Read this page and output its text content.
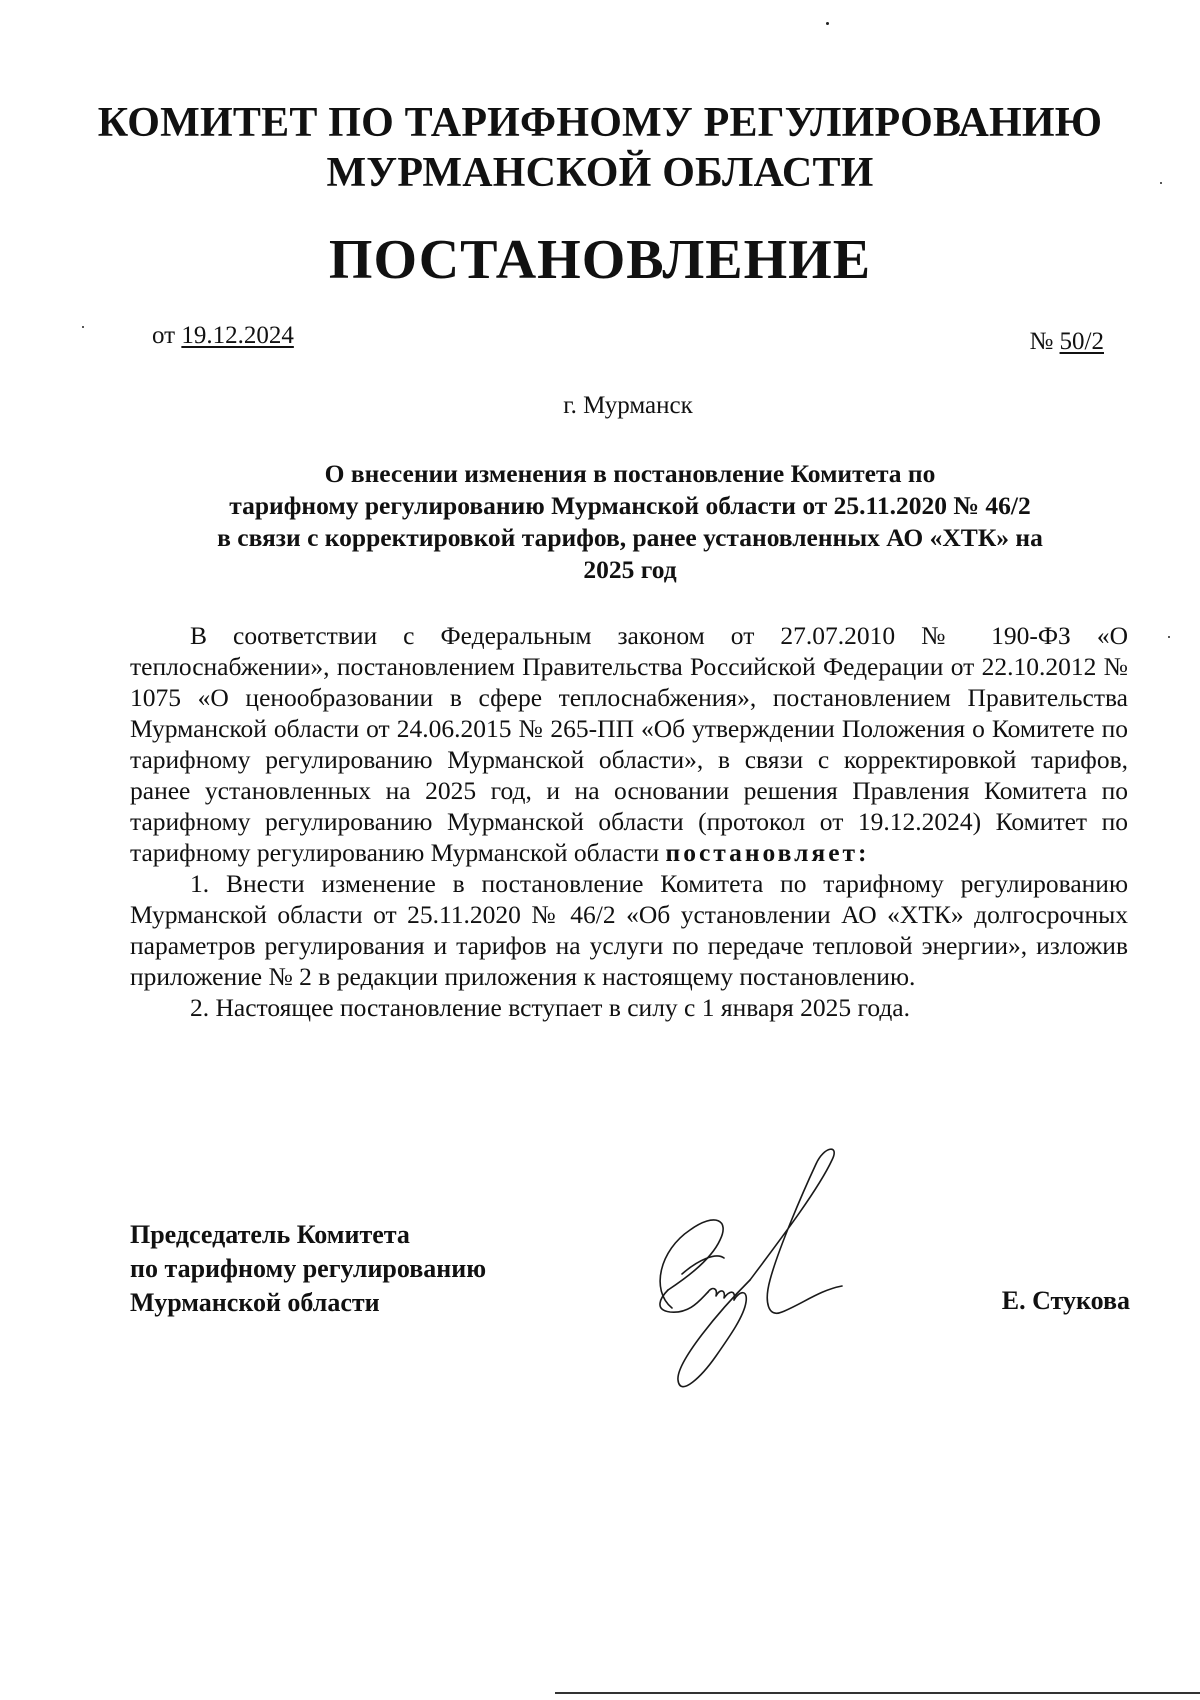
КОМИТЕТ ПО ТАРИФНОМУ РЕГУЛИРОВАНИЮ
МУРМАНСКОЙ ОБЛАСТИ
ПОСТАНОВЛЕНИЕ
от 19.12.2024	№ 50/2
г. Мурманск
О внесении изменения в постановление Комитета по
тарифному регулированию Мурманской области от 25.11.2020 № 46/2
в связи с корректировкой тарифов, ранее установленных АО «ХТК» на
2025 год

В соответствии с Федеральным законом от 27.07.2010 № 190-ФЗ «О теплоснабжении», постановлением Правительства Российской Федерации от 22.10.2012 № 1075 «О ценообразовании в сфере теплоснабжения», постановлением Правительства Мурманской области от 24.06.2015 № 265-ПП «Об утверждении Положения о Комитете по тарифному регулированию Мурманской области», в связи с корректировкой тарифов, ранее установленных на 2025 год, и на основании решения Правления Комитета по тарифному регулированию Мурманской области (протокол от 19.12.2024) Комитет по тарифному регулированию Мурманской области постановляет:

1. Внести изменение в постановление Комитета по тарифному регулированию Мурманской области от 25.11.2020 № 46/2 «Об установлении АО «ХТК» долгосрочных параметров регулирования и тарифов на услуги по передаче тепловой энергии», изложив приложение № 2 в редакции приложения к настоящему постановлению.

2. Настоящее постановление вступает в силу с 1 января 2025 года.

Председатель Комитета
по тарифному регулированию
Мурманской области	Е. Стукова
